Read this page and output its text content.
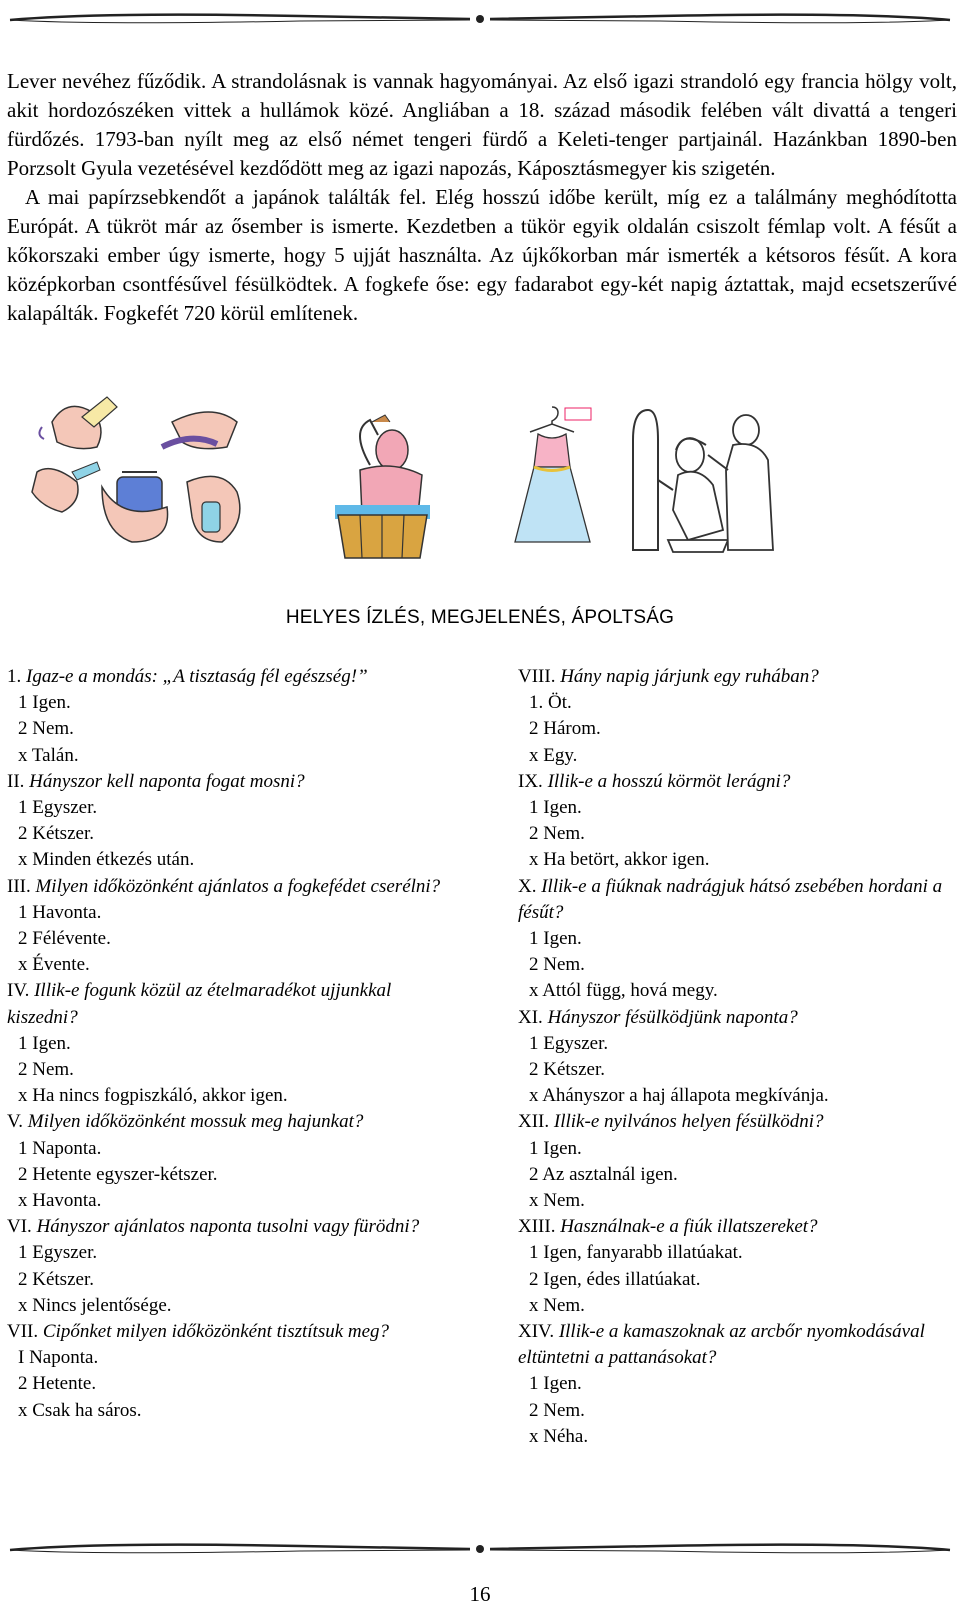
Lever nevéhez fűződik. A strandolásnak is vannak hagyományai. Az első igazi strandoló egy francia hölgy volt, akit hordozószéken vittek a hullámok közé. Angliában a 18. század második felében vált divattá a tengeri fürdőzés. 1793-ban nyílt meg az első német tengeri fürdő a Keleti-tenger partjainál. Hazánkban 1890-ben Porzsolt Gyula vezetésével kezdődött meg az igazi napozás, Káposztásmegyer kis szigetén.

A mai papírzsebkendőt a japánok találták fel. Elég hosszú időbe került, míg ez a találmány meghódította Európát. A tükröt már az ősember is ismerte. Kezdetben a tükör egyik oldalán csiszolt fémlap volt. A fésűt a kőkorszaki ember úgy ismerte, hogy 5 ujját használta. Az újkőkorban már ismerték a kétsoros fésűt. A kora középkorban csontfésűvel fésülködtek. A fogkefe őse: egy fadarabot egy-két napig áztattak, majd ecsetszerűvé kalapálták. Fogkefét 720 körül említenek.

HELYES ÍZLÉS, MEGJELENÉS, ÁPOLTSÁG

1. Igaz-e a mondás: „A tisztaság fél egészség!”

1 Igen.

2 Nem.

x Talán.

II. Hányszor kell naponta fogat mosni?

1 Egyszer.

2 Kétszer.

x Minden étkezés után.

III. Milyen időközönként ajánlatos a fogkefédet cserélni?

1 Havonta.

2 Félévente.

x Évente.

IV. Illik-e fogunk közül az ételmaradékot ujjunkkal kiszedni?

1 Igen.

2 Nem.

x Ha nincs fogpiszkáló, akkor igen.

V. Milyen időközönként mossuk meg hajunkat?

1 Naponta.

2 Hetente egyszer-kétszer.

x Havonta.

VI. Hányszor ajánlatos naponta tusolni vagy fürödni?

1 Egyszer.

2 Kétszer.

x Nincs jelentősége.

VII. Cipőnket milyen időközönként tisztítsuk meg?

I Naponta.

2 Hetente.

x Csak ha sáros.

VIII. Hány napig járjunk egy ruhában?

1. Öt.

2 Három.

x Egy.

IX. Illik-e a hosszú körmöt lerágni?

1 Igen.

2 Nem.

x Ha betört, akkor igen.

X. Illik-e a fiúknak nadrágjuk hátsó zsebében hordani a fésűt?

1 Igen.

2 Nem.

x Attól függ, hová megy.

XI. Hányszor fésülködjünk naponta?

1 Egyszer.

2 Kétszer.

x Ahányszor a haj állapota megkívánja.

XII. Illik-e nyilvános helyen fésülködni?

1 Igen.

2 Az asztalnál igen.

x Nem.

XIII. Használnak-e a fiúk illatszereket?

1 Igen, fanyarabb illatúakat.

2 Igen, édes illatúakat.

x Nem.

XIV. Illik-e a kamaszoknak az arcbőr nyomkodásával eltüntetni a pattanásokat?

1 Igen.

2 Nem.

x Néha.

16
